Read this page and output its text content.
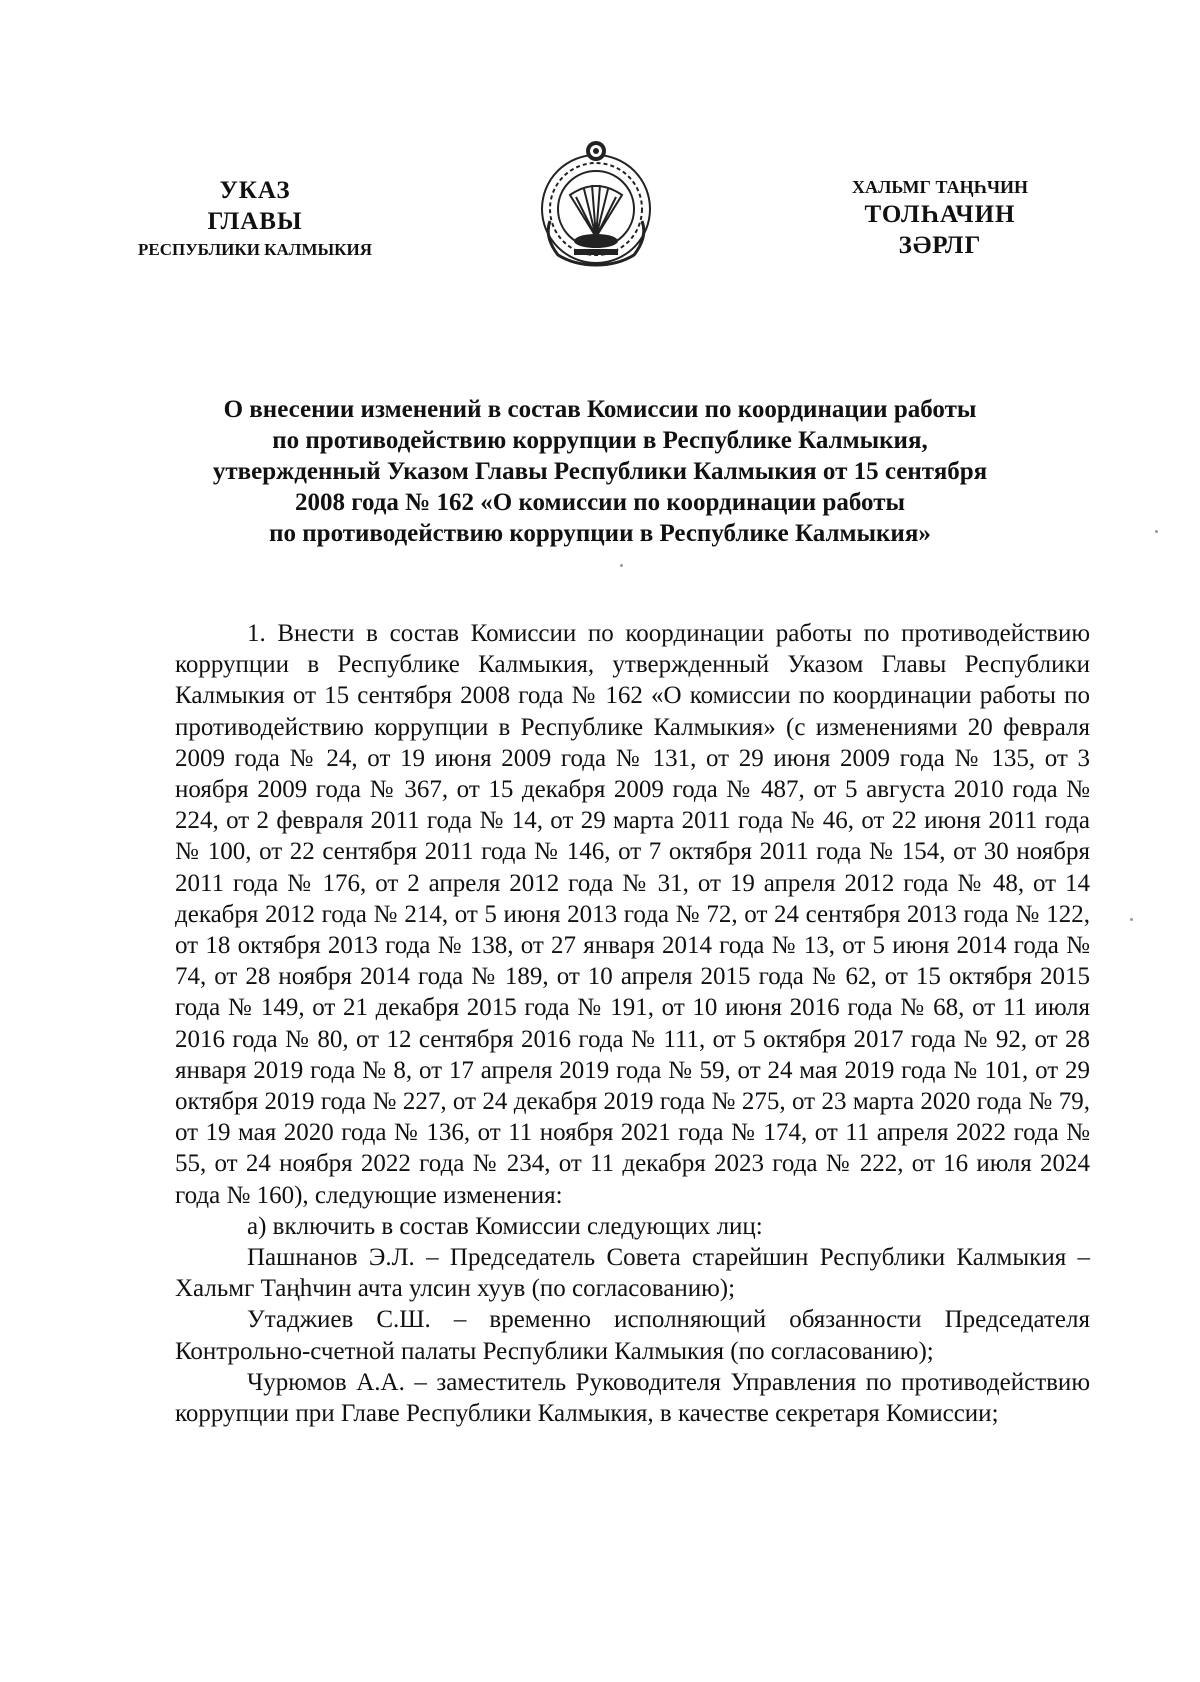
УКАЗ
ГЛАВЫ
РЕСПУБЛИКИ КАЛМЫКИЯ
ХАЛЬМГ ТАҢҺЧИН
ТОЛҺАЧИН
ЗӘРЛГ
О внесении изменений в состав Комиссии по координации работы
по противодействию коррупции в Республике Калмыкия,
утвержденный Указом Главы Республики Калмыкия от 15 сентября
2008 года № 162 «О комиссии по координации работы
по противодействию коррупции в Республике Калмыкия»

1. Внести в состав Комиссии по координации работы по противодействию коррупции в Республике Калмыкия, утвержденный Указом Главы Республики Калмыкия от 15 сентября 2008 года № 162 «О комиссии по координации работы по противодействию коррупции в Республике Калмыкия» (с изменениями 20 февраля 2009 года № 24, от 19 июня 2009 года № 131, от 29 июня 2009 года № 135, от 3 ноября 2009 года № 367, от 15 декабря 2009 года № 487, от 5 августа 2010 года № 224, от 2 февраля 2011 года № 14, от 29 марта 2011 года № 46, от 22 июня 2011 года № 100, от 22 сентября 2011 года № 146, от 7 октября 2011 года № 154, от 30 ноября 2011 года № 176, от 2 апреля 2012 года № 31, от 19 апреля 2012 года № 48, от 14 декабря 2012 года № 214, от 5 июня 2013 года № 72, от 24 сентября 2013 года № 122, от 18 октября 2013 года № 138, от 27 января 2014 года № 13, от 5 июня 2014 года № 74, от 28 ноября 2014 года № 189, от 10 апреля 2015 года № 62, от 15 октября 2015 года № 149, от 21 декабря 2015 года № 191, от 10 июня 2016 года № 68, от 11 июля 2016 года № 80, от 12 сентября 2016 года № 111, от 5 октября 2017 года № 92, от 28 января 2019 года № 8, от 17 апреля 2019 года № 59, от 24 мая 2019 года № 101, от 29 октября 2019 года № 227, от 24 декабря 2019 года № 275, от 23 марта 2020 года № 79, от 19 мая 2020 года № 136, от 11 ноября 2021 года № 174, от 11 апреля 2022 года № 55, от 24 ноября 2022 года № 234, от 11 декабря 2023 года № 222, от 16 июля 2024 года № 160), следующие изменения:

а) включить в состав Комиссии следующих лиц:

Пашнанов Э.Л. – Председатель Совета старейшин Республики Калмыкия – Хальмг Таңһчин ачта улсин хуув (по согласованию);

Утаджиев С.Ш. – временно исполняющий обязанности Председателя Контрольно-счетной палаты Республики Калмыкия (по согласованию);

Чурюмов А.А. – заместитель Руководителя Управления по противодействию коррупции при Главе Республики Калмыкия, в качестве секретаря Комиссии;
